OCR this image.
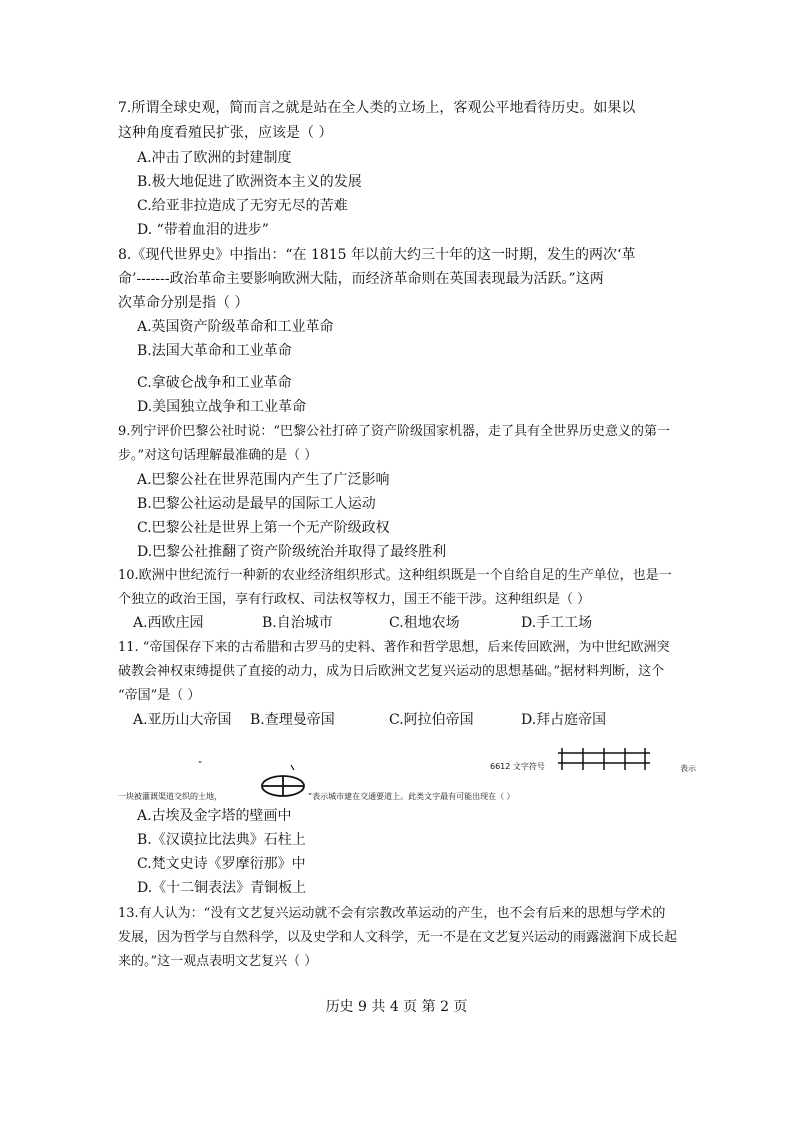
7.所谓全球史观，简而言之就是站在全人类的立场上，客观公平地看待历史。如果以
这种角度看殖民扩张，应该是（ ）
A.冲击了欧洲的封建制度
B.极大地促进了欧洲资本主义的发展
C.给亚非拉造成了无穷无尽的苦难
D. “带着血泪的进步”
8.《现代世界史》中指出：“在 1815 年以前大约三十年的这一时期，发生的两次‘革
命’-------政治革命主要影响欧洲大陆，而经济革命则在英国表现最为活跃。”这两
次革命分别是指（ ）
A.英国资产阶级革命和工业革命
B.法国大革命和工业革命
C.拿破仑战争和工业革命
D.美国独立战争和工业革命
9.列宁评价巴黎公社时说：“巴黎公社打碎了资产阶级国家机器，走了具有全世界历史意义的第一
步。”对这句话理解最准确的是（ ）
A.巴黎公社在世界范围内产生了广泛影响
B.巴黎公社运动是最早的国际工人运动
C.巴黎公社是世界上第一个无产阶级政权
D.巴黎公社推翻了资产阶级统治并取得了最终胜利
10.欧洲中世纪流行一种新的农业经济组织形式。这种组织既是一个自给自足的生产单位，也是一
个独立的政治王国，享有行政权、司法权等权力，国王不能干涉。这种组织是（ ）
A.西欧庄园	B.自治城市	C.租地农场	D.手工工场
11. “帝国保存下来的古希腊和古罗马的史料、著作和哲学思想，后来传回欧洲，为中世纪欧洲突
破教会神权束缚提供了直接的动力，成为日后欧洲文艺复兴运动的思想基础。”据材料判断，这个
“帝国”是（ ）
A.亚历山大帝国 B.查理曼帝国	C.阿拉伯帝国	D.拜占庭帝国
“	6612 文字符号	表示
一块被灌溉渠道交织的土地，	”表示城市建在交通要道上。此类文字最有可能出现在（ ）
A.古埃及金字塔的壁画中
B.《汉谟拉比法典》石柱上
C.梵文史诗《罗摩衍那》中
D.《十二铜表法》青铜板上
13.有人认为：“没有文艺复兴运动就不会有宗教改革运动的产生，也不会有后来的思想与学术的
发展，因为哲学与自然科学，以及史学和人文科学，无一不是在文艺复兴运动的雨露滋润下成长起
来的。”这一观点表明文艺复兴（ ）
历史 9 共 4 页 第 2 页
